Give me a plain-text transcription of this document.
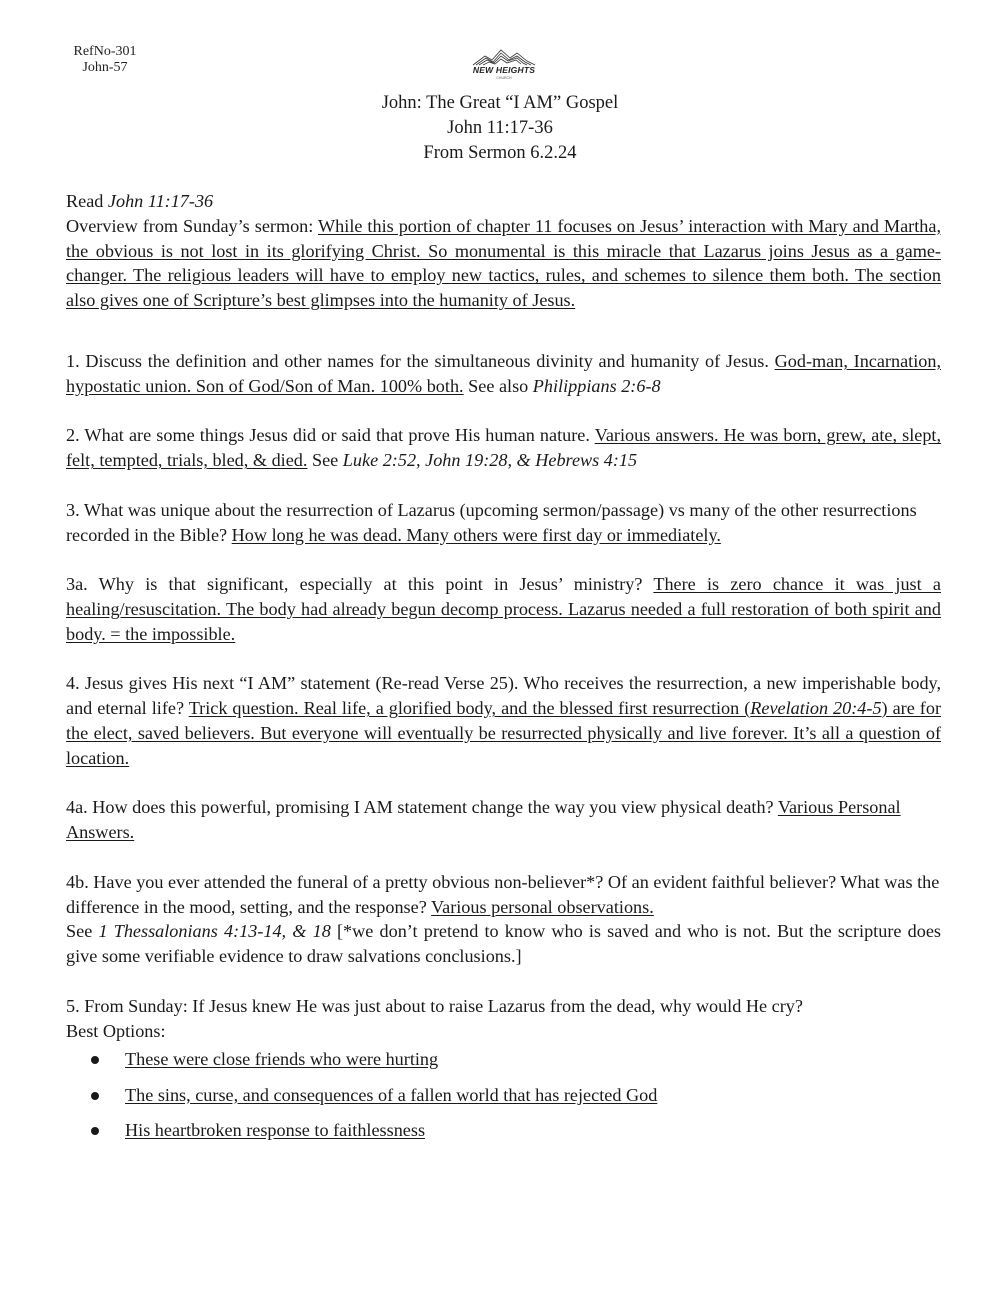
RefNo-301
John-57	NEW HEIGHTS
CHURCH
John: The Great “I AM” Gospel
John 11:17-36
From Sermon 6.2.24

Read John 11:17-36

Overview from Sunday’s sermon: While this portion of chapter 11 focuses on Jesus’ interaction with Mary and Martha, the obvious is not lost in its glorifying Christ. So monumental is this miracle that Lazarus joins Jesus as a game-changer. The religious leaders will have to employ new tactics, rules, and schemes to silence them both. The section also gives one of Scripture’s best glimpses into the humanity of Jesus.

1. Discuss the definition and other names for the simultaneous divinity and humanity of Jesus. God-man, Incarnation, hypostatic union. Son of God/Son of Man. 100% both. See also Philippians 2:6-8

2. What are some things Jesus did or said that prove His human nature. Various answers. He was born, grew, ate, slept, felt, tempted, trials, bled, & died. See Luke 2:52, John 19:28, & Hebrews 4:15

3. What was unique about the resurrection of Lazarus (upcoming sermon/passage) vs many of the other resurrections recorded in the Bible? How long he was dead. Many others were first day or immediately.

3a. Why is that significant, especially at this point in Jesus’ ministry? There is zero chance it was just a healing/resuscitation. The body had already begun decomp process. Lazarus needed a full restoration of both spirit and body. = the impossible.

4. Jesus gives His next “I AM” statement (Re-read Verse 25). Who receives the resurrection, a new imperishable body, and eternal life? Trick question. Real life, a glorified body, and the blessed first resurrection (Revelation 20:4-5) are for the elect, saved believers. But everyone will eventually be resurrected physically and live forever. It’s all a question of location.

4a. How does this powerful, promising I AM statement change the way you view physical death? Various Personal Answers.

4b. Have you ever attended the funeral of a pretty obvious non-believer*? Of an evident faithful believer? What was the difference in the mood, setting, and the response? Various personal observations.

See 1 Thessalonians 4:13-14, & 18 [*we don’t pretend to know who is saved and who is not. But the scripture does give some verifiable evidence to draw salvations conclusions.]

5. From Sunday: If Jesus knew He was just about to raise Lazarus from the dead, why would He cry?

Best Options:

These were close friends who were hurting
The sins, curse, and consequences of a fallen world that has rejected God
His heartbroken response to faithlessness
